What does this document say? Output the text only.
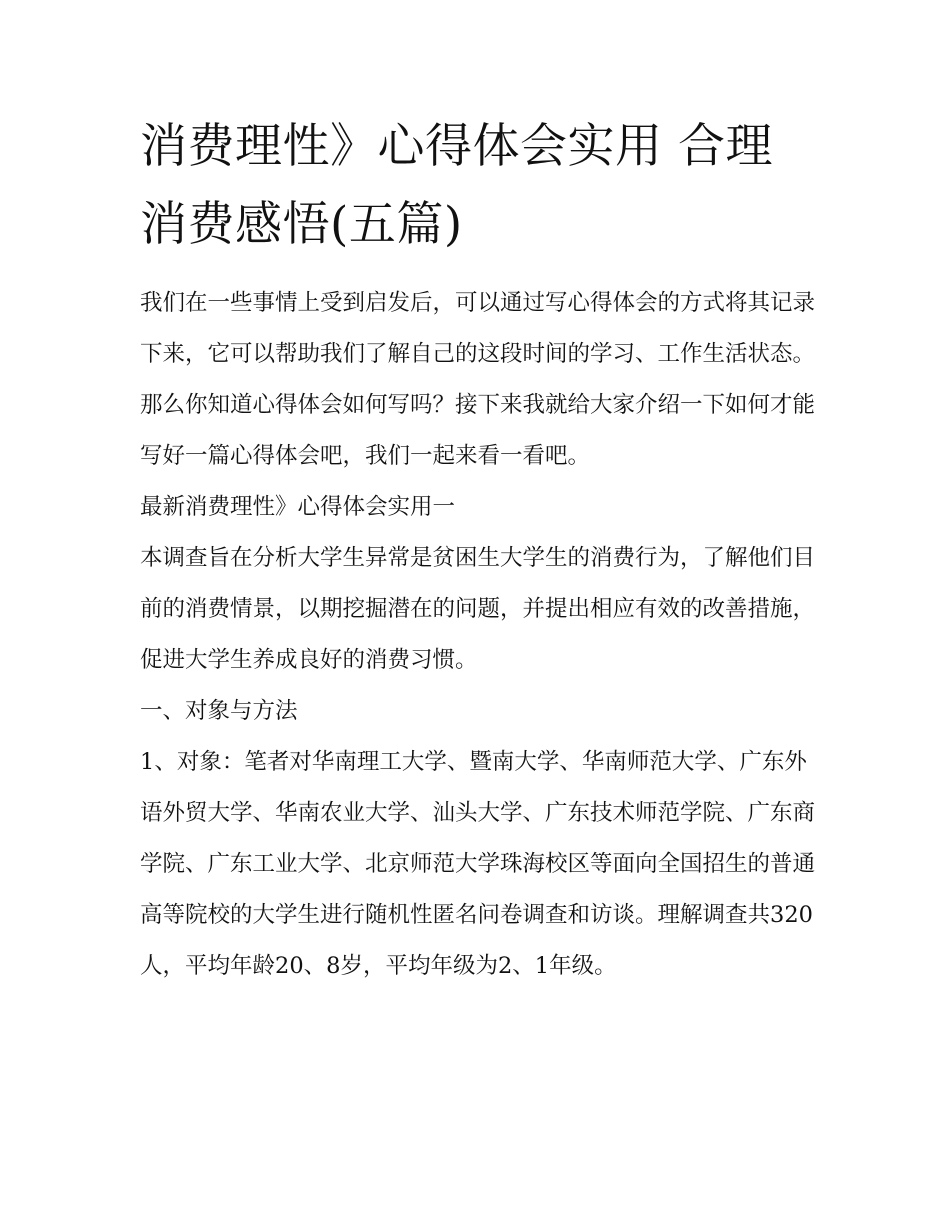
消费理性》心得体会实用 合理消费感悟(五篇)

我们在一些事情上受到启发后，可以通过写心得体会的方式将其记录下来，它可以帮助我们了解自己的这段时间的学习、工作生活状态。那么你知道心得体会如何写吗？接下来我就给大家介绍一下如何才能写好一篇心得体会吧，我们一起来看一看吧。

最新消费理性》心得体会实用一

本调查旨在分析大学生异常是贫困生大学生的消费行为，了解他们目前的消费情景，以期挖掘潜在的问题，并提出相应有效的改善措施，促进大学生养成良好的消费习惯。

一、对象与方法

1、对象：笔者对华南理工大学、暨南大学、华南师范大学、广东外语外贸大学、华南农业大学、汕头大学、广东技术师范学院、广东商学院、广东工业大学、北京师范大学珠海校区等面向全国招生的普通高等院校的大学生进行随机性匿名问卷调查和访谈。理解调查共320人，平均年龄20、8岁，平均年级为2、1年级。
